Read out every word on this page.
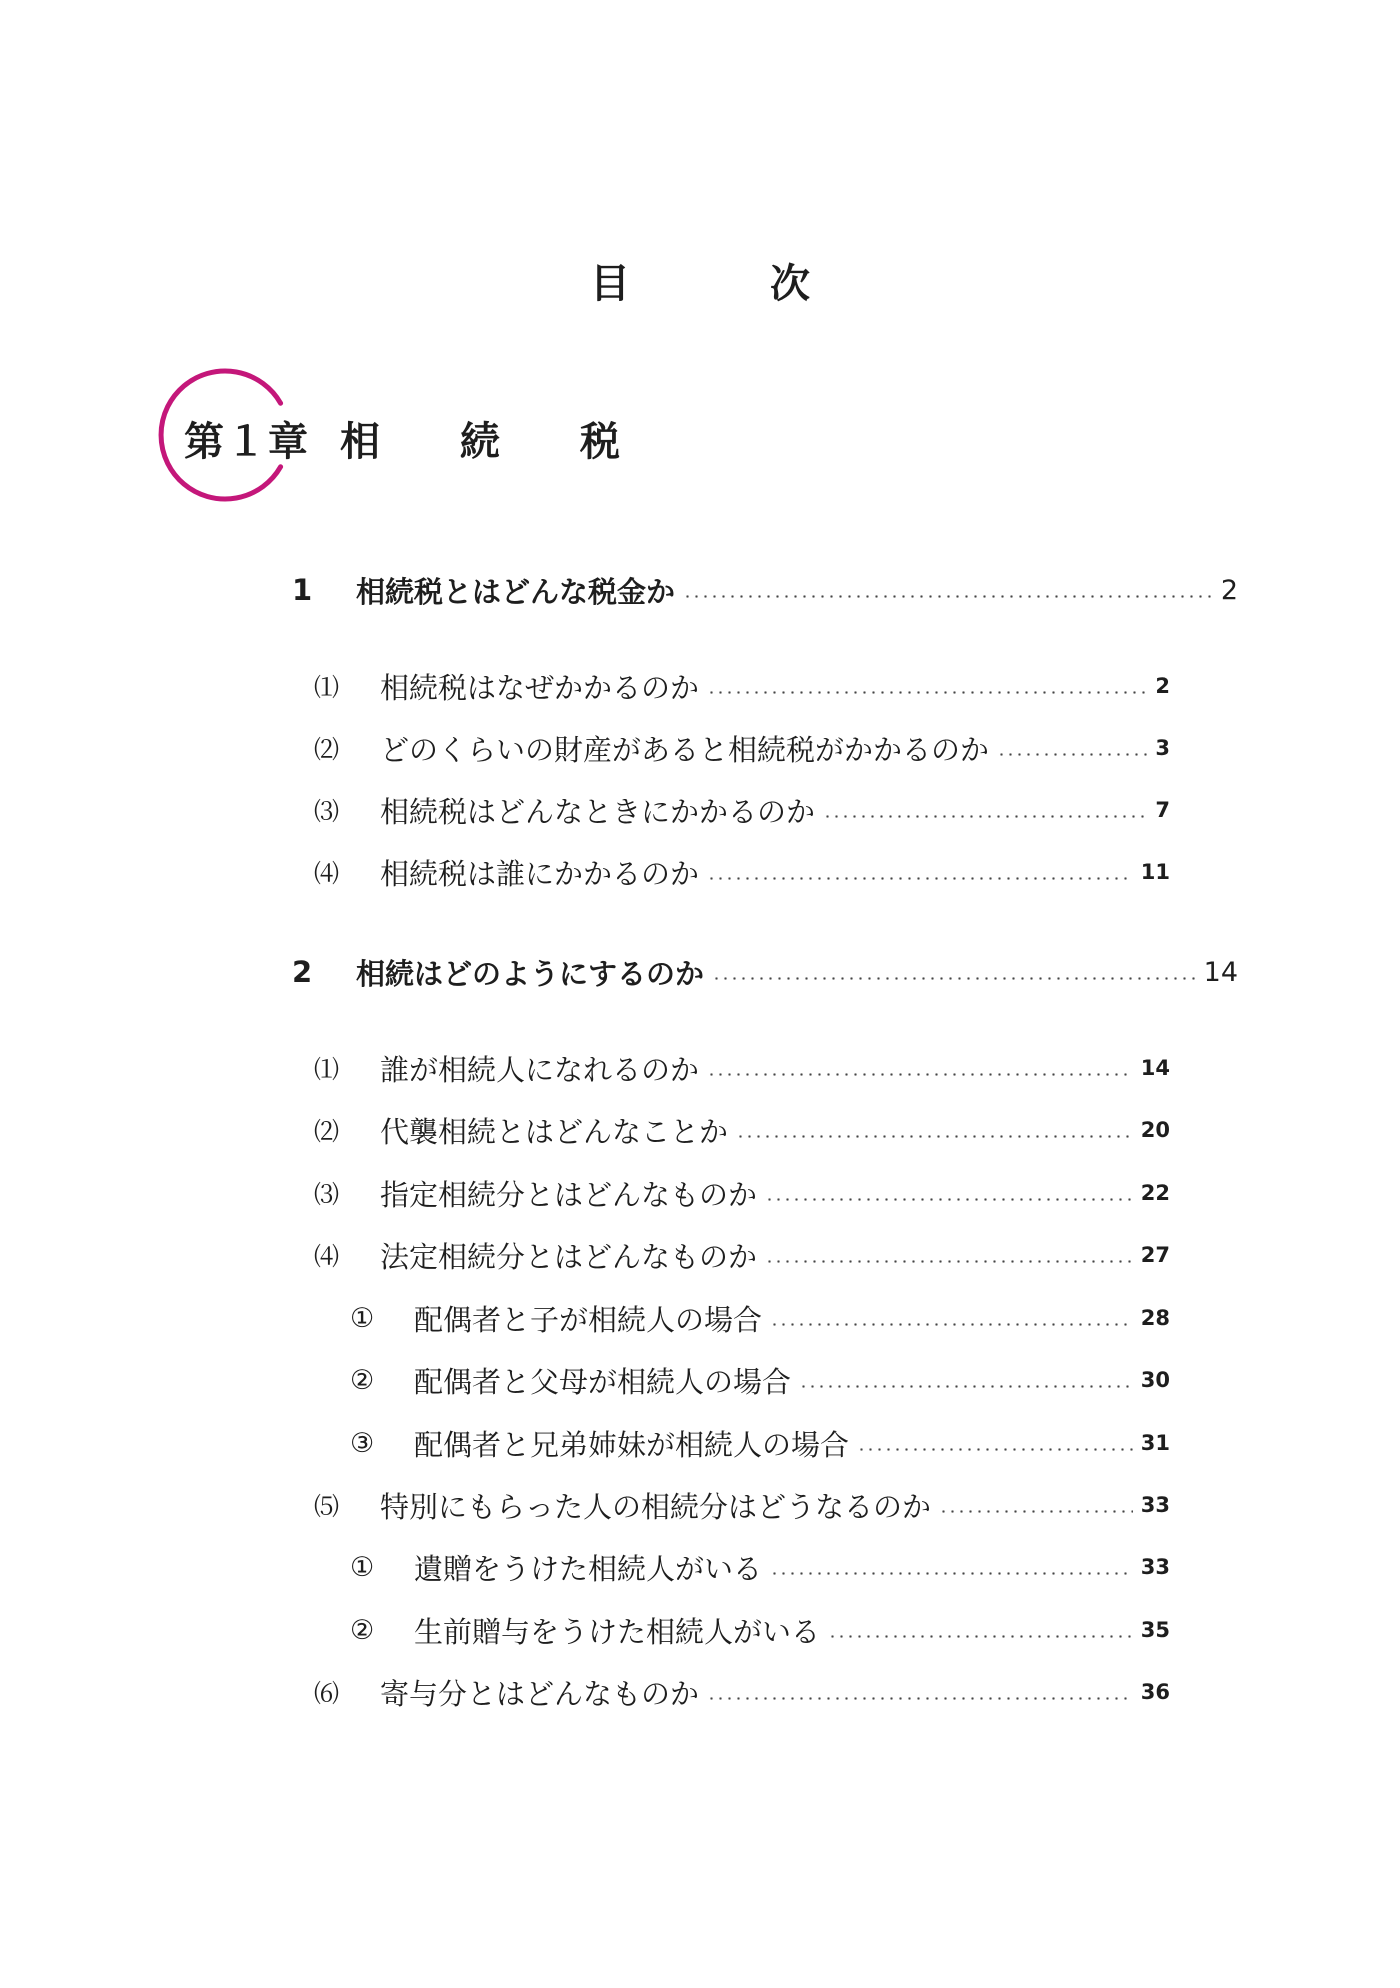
目	次
第１章 相続税
1	相続税とはどんな税金か	2
⑴	相続税はなぜかかるのか	2
⑵	どのくらいの財産があると相続税がかかるのか	3
⑶	相続税はどんなときにかかるのか	7
⑷	相続税は誰にかかるのか	11
2	相続はどのようにするのか	14
⑴	誰が相続人になれるのか	14
⑵	代襲相続とはどんなことか	20
⑶	指定相続分とはどんなものか	22
⑷	法定相続分とはどんなものか	27
①	配偶者と子が相続人の場合	28
②	配偶者と父母が相続人の場合	30
③	配偶者と兄弟姉妹が相続人の場合	31
⑸	特別にもらった人の相続分はどうなるのか	33
①	遺贈をうけた相続人がいる	33
②	生前贈与をうけた相続人がいる	35
⑹	寄与分とはどんなものか	36
